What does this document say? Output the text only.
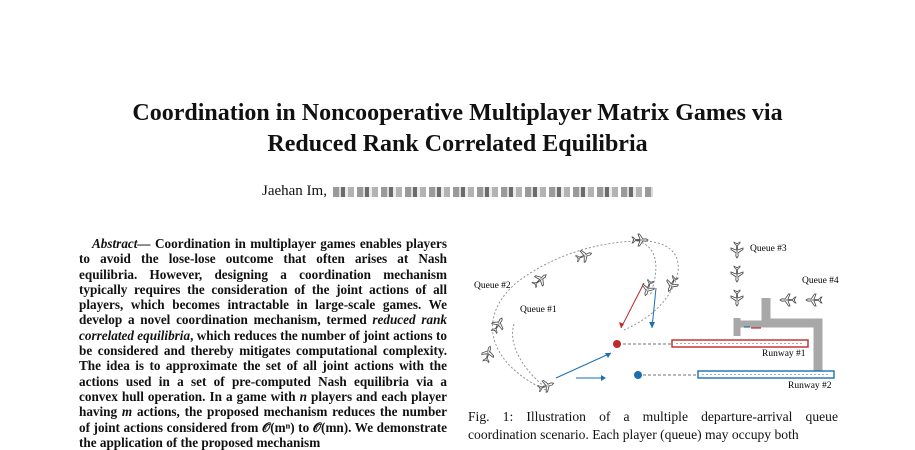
Coordination in Noncooperative Multiplayer Matrix Games via
Reduced Rank Correlated Equilibria
Jaehan Im,
Abstract— Coordination in multiplayer games enables players to avoid the lose-lose outcome that often arises at Nash equilibria. However, designing a coordination mechanism typically requires the consideration of the joint actions of all players, which becomes intractable in large-scale games. We develop a novel coordination mechanism, termed reduced rank correlated equilibria, which reduces the number of joint actions to be considered and thereby mitigates computational complexity. The idea is to approximate the set of all joint actions with the actions used in a set of pre-computed Nash equilibria via a convex hull operation. In a game with n players and each player having m actions, the proposed mechanism reduces the number of joint actions considered from 𝒪(mⁿ) to 𝒪(mn). We demonstrate the application of the proposed mechanism
Queue #2
Queue #1
Queue #3
Queue #4
Runway #1
Runway #2
Fig. 1: Illustration of a multiple departure-arrival queue coordination scenario. Each player (queue) may occupy both
